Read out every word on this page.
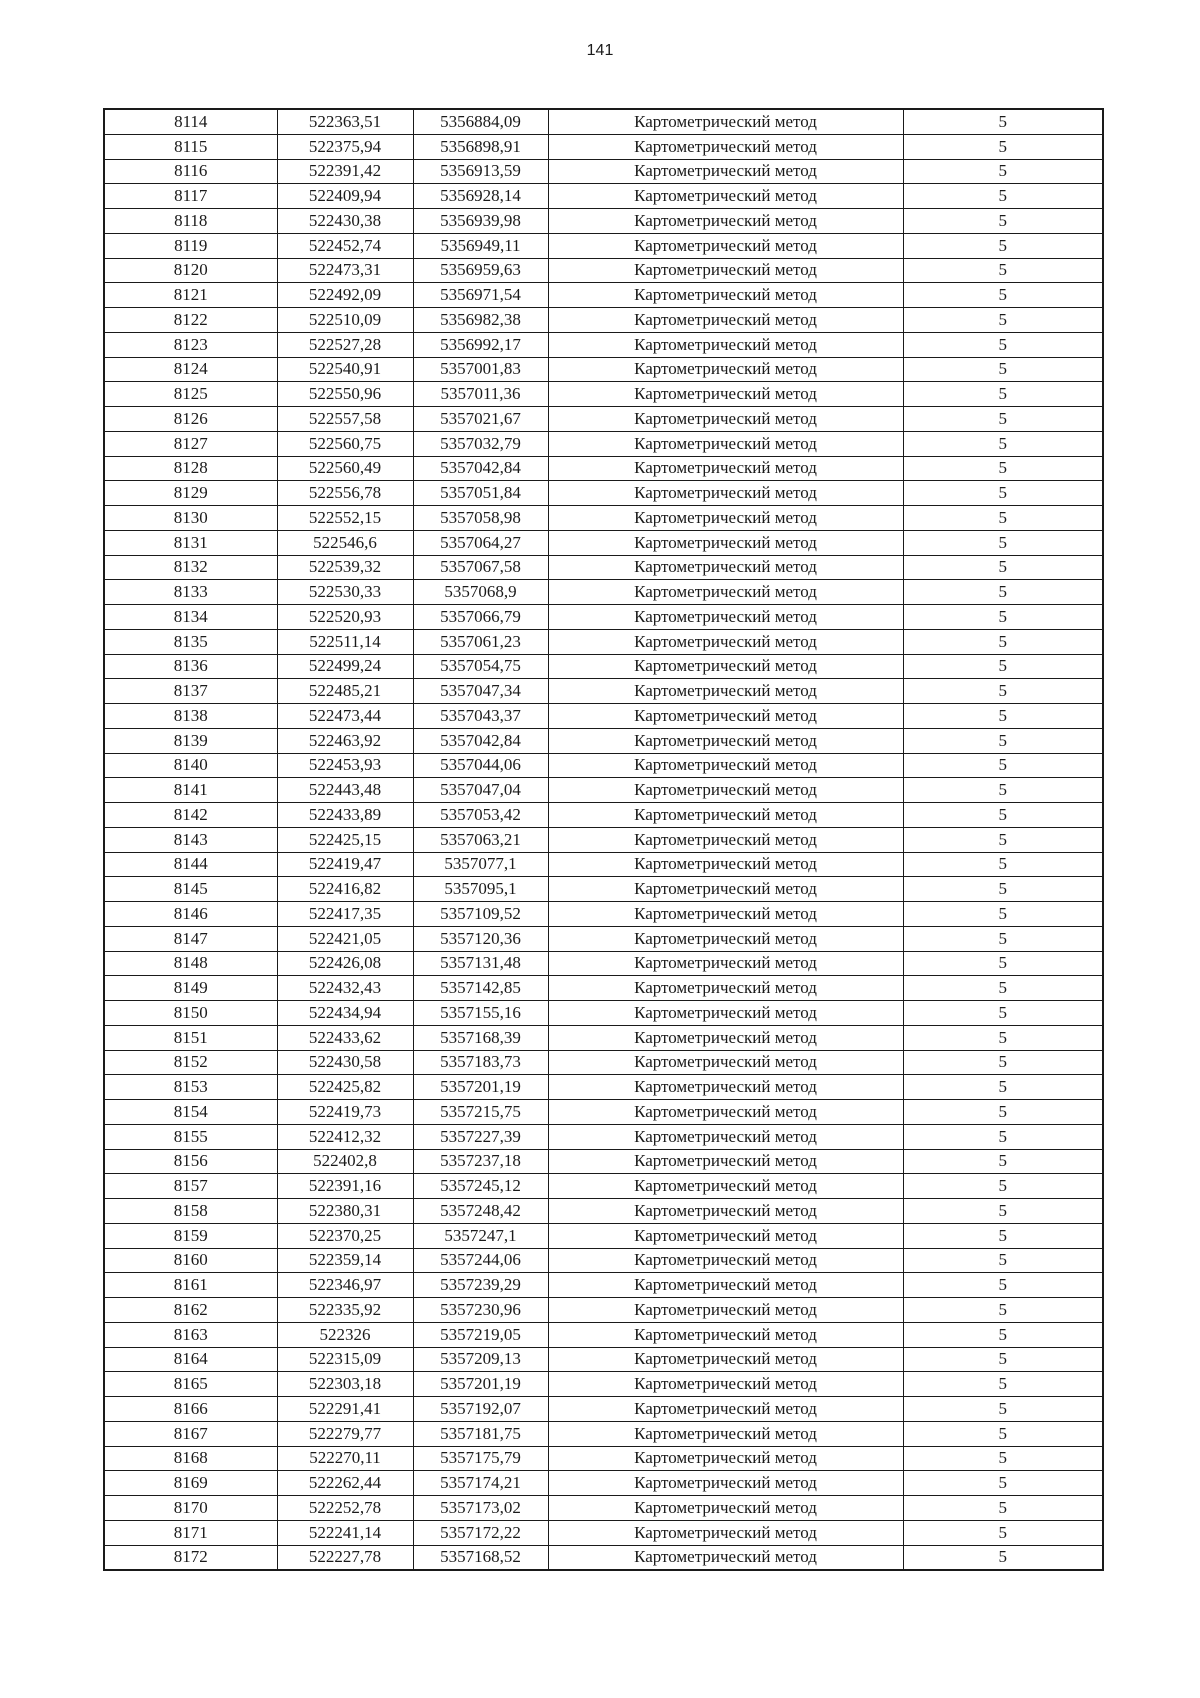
141
8114	522363,51	5356884,09	Картометрический метод	5
8115	522375,94	5356898,91	Картометрический метод	5
8116	522391,42	5356913,59	Картометрический метод	5
8117	522409,94	5356928,14	Картометрический метод	5
8118	522430,38	5356939,98	Картометрический метод	5
8119	522452,74	5356949,11	Картометрический метод	5
8120	522473,31	5356959,63	Картометрический метод	5
8121	522492,09	5356971,54	Картометрический метод	5
8122	522510,09	5356982,38	Картометрический метод	5
8123	522527,28	5356992,17	Картометрический метод	5
8124	522540,91	5357001,83	Картометрический метод	5
8125	522550,96	5357011,36	Картометрический метод	5
8126	522557,58	5357021,67	Картометрический метод	5
8127	522560,75	5357032,79	Картометрический метод	5
8128	522560,49	5357042,84	Картометрический метод	5
8129	522556,78	5357051,84	Картометрический метод	5
8130	522552,15	5357058,98	Картометрический метод	5
8131	522546,6	5357064,27	Картометрический метод	5
8132	522539,32	5357067,58	Картометрический метод	5
8133	522530,33	5357068,9	Картометрический метод	5
8134	522520,93	5357066,79	Картометрический метод	5
8135	522511,14	5357061,23	Картометрический метод	5
8136	522499,24	5357054,75	Картометрический метод	5
8137	522485,21	5357047,34	Картометрический метод	5
8138	522473,44	5357043,37	Картометрический метод	5
8139	522463,92	5357042,84	Картометрический метод	5
8140	522453,93	5357044,06	Картометрический метод	5
8141	522443,48	5357047,04	Картометрический метод	5
8142	522433,89	5357053,42	Картометрический метод	5
8143	522425,15	5357063,21	Картометрический метод	5
8144	522419,47	5357077,1	Картометрический метод	5
8145	522416,82	5357095,1	Картометрический метод	5
8146	522417,35	5357109,52	Картометрический метод	5
8147	522421,05	5357120,36	Картометрический метод	5
8148	522426,08	5357131,48	Картометрический метод	5
8149	522432,43	5357142,85	Картометрический метод	5
8150	522434,94	5357155,16	Картометрический метод	5
8151	522433,62	5357168,39	Картометрический метод	5
8152	522430,58	5357183,73	Картометрический метод	5
8153	522425,82	5357201,19	Картометрический метод	5
8154	522419,73	5357215,75	Картометрический метод	5
8155	522412,32	5357227,39	Картометрический метод	5
8156	522402,8	5357237,18	Картометрический метод	5
8157	522391,16	5357245,12	Картометрический метод	5
8158	522380,31	5357248,42	Картометрический метод	5
8159	522370,25	5357247,1	Картометрический метод	5
8160	522359,14	5357244,06	Картометрический метод	5
8161	522346,97	5357239,29	Картометрический метод	5
8162	522335,92	5357230,96	Картометрический метод	5
8163	522326	5357219,05	Картометрический метод	5
8164	522315,09	5357209,13	Картометрический метод	5
8165	522303,18	5357201,19	Картометрический метод	5
8166	522291,41	5357192,07	Картометрический метод	5
8167	522279,77	5357181,75	Картометрический метод	5
8168	522270,11	5357175,79	Картометрический метод	5
8169	522262,44	5357174,21	Картометрический метод	5
8170	522252,78	5357173,02	Картометрический метод	5
8171	522241,14	5357172,22	Картометрический метод	5
8172	522227,78	5357168,52	Картометрический метод	5
